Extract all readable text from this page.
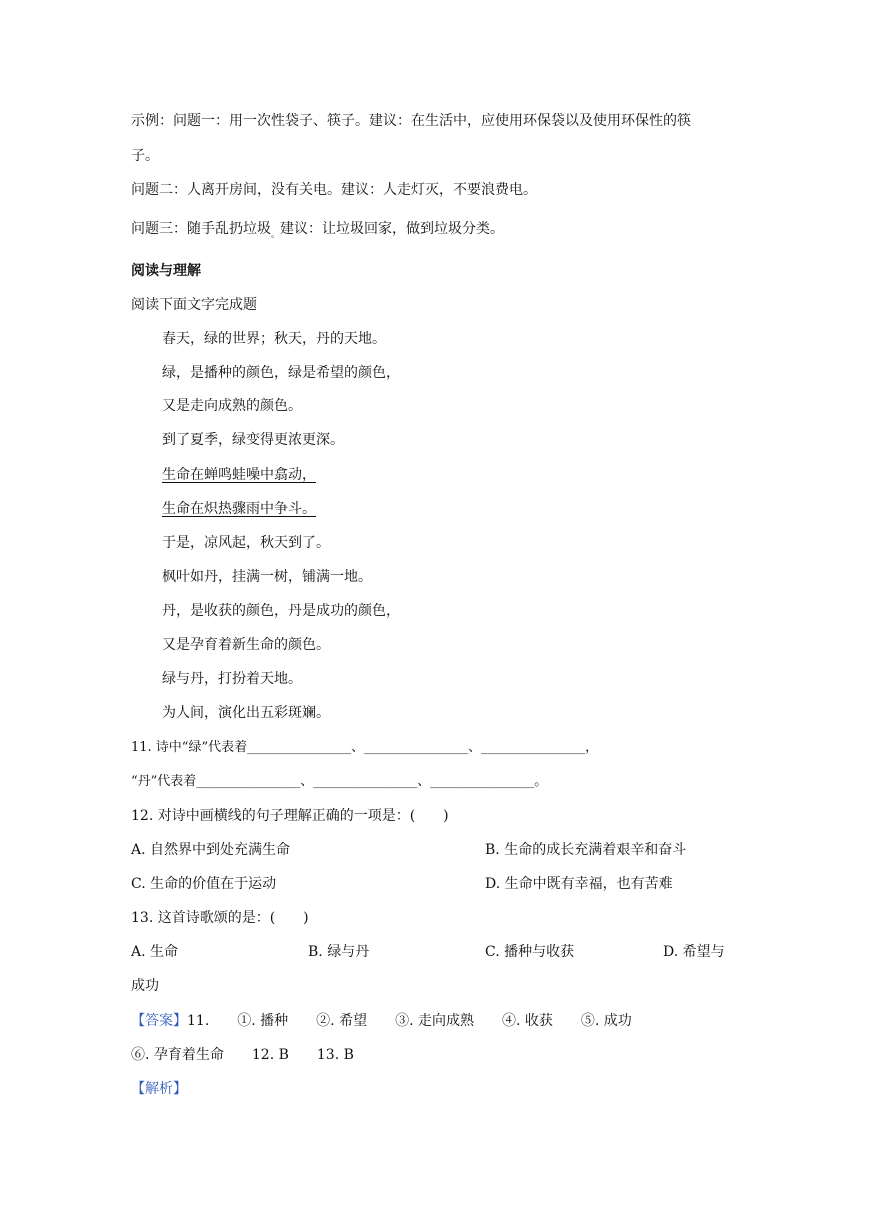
示例：问题一：用一次性袋子、筷子。建议：在生活中，应使用环保袋以及使用环保性的筷
子。
问题二：人离开房间，没有关电。建议：人走灯灭，不要浪费电。
问题三：随手乱扔垃圾$_。$建议：让垃圾回家，做到垃圾分类。
阅读与理解
阅读下面文字完成题
春天，绿的世界；秋天，丹的天地。
绿，是播种的颜色，绿是希望的颜色，
又是走向成熟的颜色。
到了夏季，绿变得更浓更深。
生命在蝉鸣蛙噪中翕动，
生命在炽热骤雨中争斗。
于是，凉风起，秋天到了。
枫叶如丹，挂满一树，铺满一地。
丹，是收获的颜色，丹是成功的颜色，
又是孕育着新生命的颜色。
绿与丹，打扮着天地。
为人间，演化出五彩斑斓。
11. 诗中“绿”代表着________________、________________、________________，
“丹”代表着________________、________________、________________。
12. 对诗中画横线的句子理解正确的一项是：(　　)
A. 自然界中到处充满生命	B. 生命的成长充满着艰辛和奋斗
C. 生命的价值在于运动	D. 生命中既有幸福，也有苦难
13. 这首诗歌颂的是：(　　)
A. 生命	B. 绿与丹	C. 播种与收获	D. 希望与
成功
【答案】11.　　①. 播种　　②. 希望　　③. 走向成熟　　④. 收获　　⑤. 成功
⑥. 孕育着生命　　12. B　　13. B
【解析】
